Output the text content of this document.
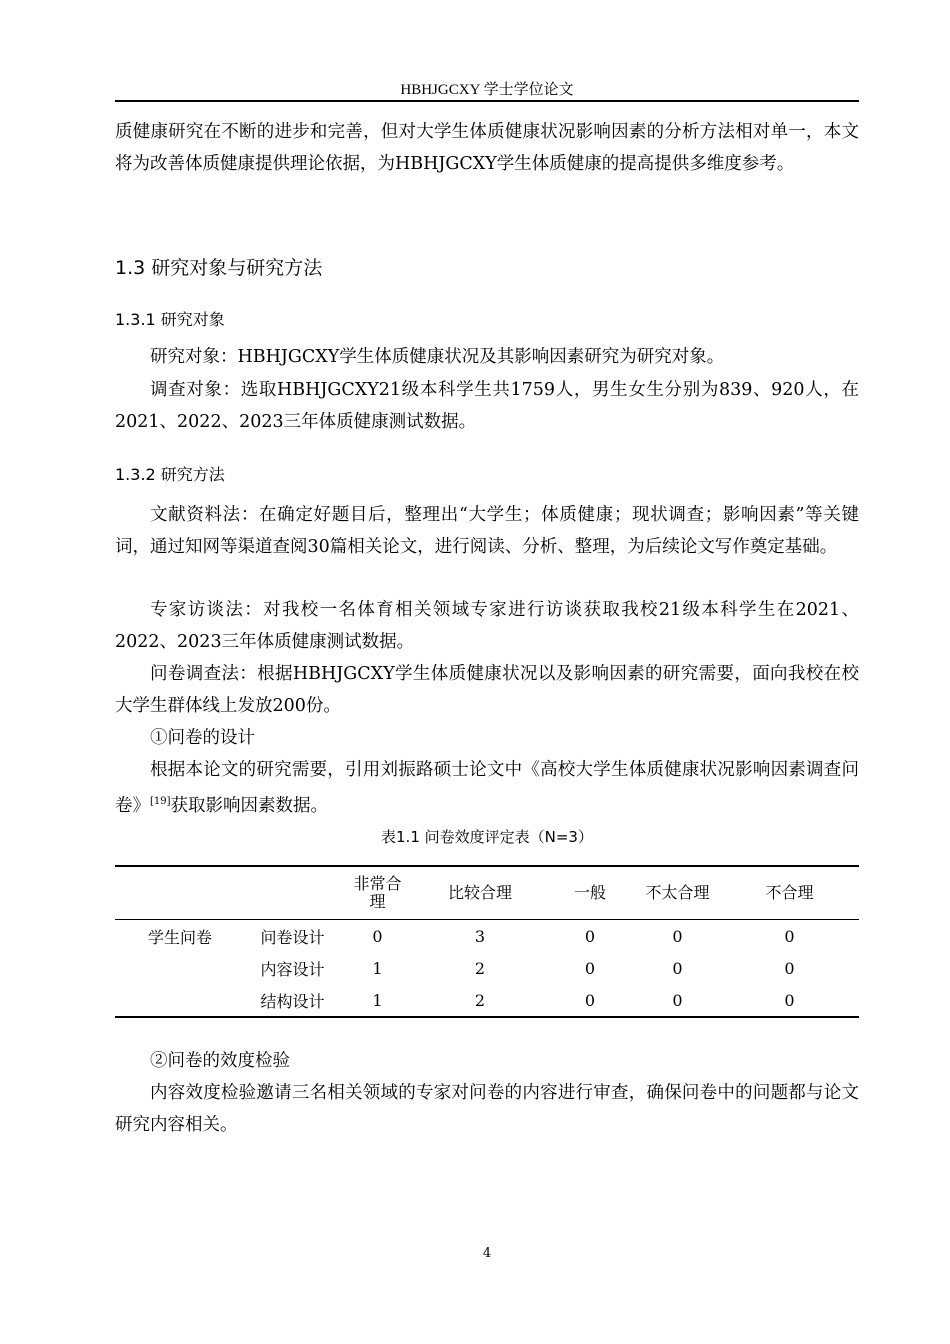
HBHJGCXY 学士学位论文
质健康研究在不断的进步和完善，但对大学生体质健康状况影响因素的分析方法相对单一，本文将为改善体质健康提供理论依据，为HBHJGCXY学生体质健康的提高提供多维度参考。
1.3 研究对象与研究方法
1.3.1 研究对象
研究对象：HBHJGCXY学生体质健康状况及其影响因素研究为研究对象。
调查对象：选取HBHJGCXY21级本科学生共1759人，男生女生分别为839、920人，在2021、2022、2023三年体质健康测试数据。
1.3.2 研究方法
文献资料法：在确定好题目后，整理出“大学生；体质健康；现状调查；影响因素”等关键词，通过知网等渠道查阅30篇相关论文，进行阅读、分析、整理，为后续论文写作奠定基础。
专家访谈法：对我校一名体育相关领域专家进行访谈获取我校21级本科学生在2021、2022、2023三年体质健康测试数据。
问卷调查法：根据HBHJGCXY学生体质健康状况以及影响因素的研究需要，面向我校在校大学生群体线上发放200份。
①问卷的设计
根据本论文的研究需要，引用刘振路硕士论文中《高校大学生体质健康状况影响因素调查问卷》[19]获取影响因素数据。
表1.1 问卷效度评定表（N=3）
		非常合理	比较合理	一般	不太合理	不合理
学生问卷	问卷设计	0	3	0	0	0
	内容设计	1	2	0	0	0
	结构设计	1	2	0	0	0
②问卷的效度检验
内容效度检验邀请三名相关领域的专家对问卷的内容进行审查，确保问卷中的问题都与论文研究内容相关。
4
